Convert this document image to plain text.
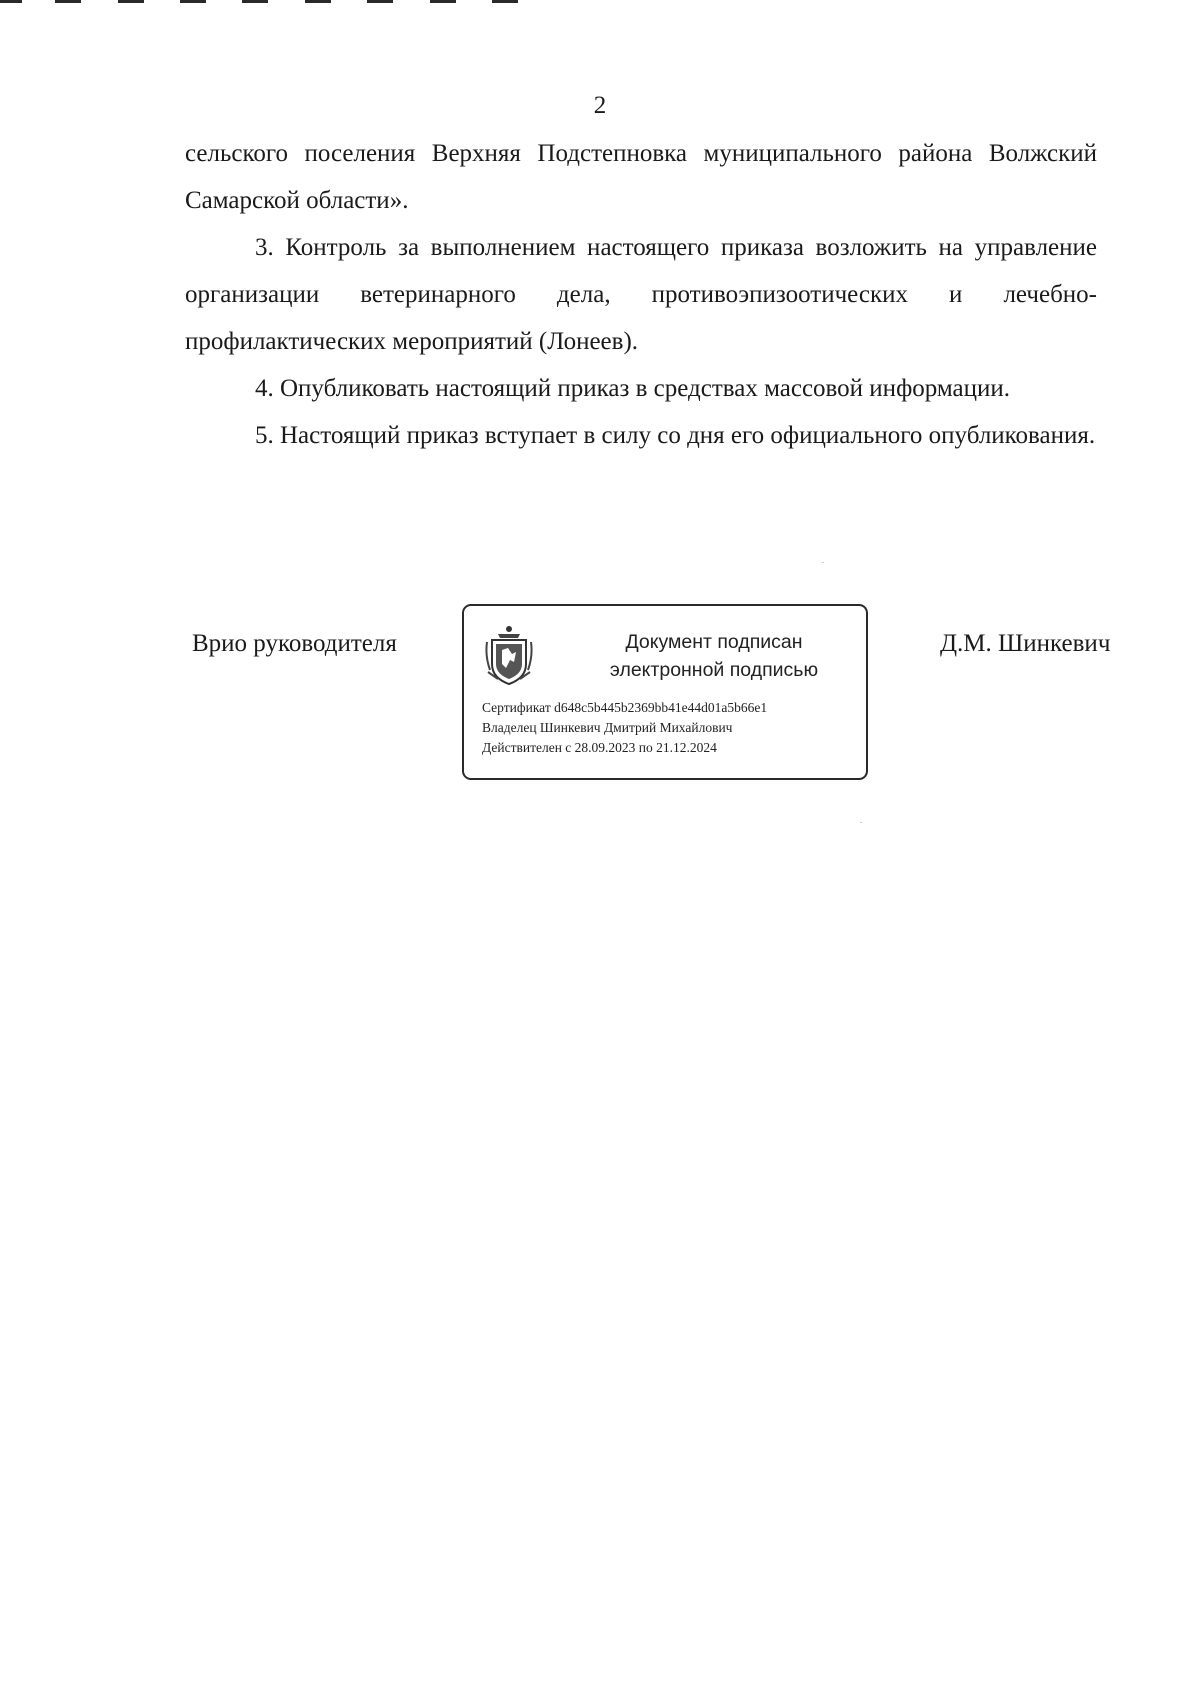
2

сельского поселения Верхняя Подстепновка муниципального района Волжский Самарской области».

3. Контроль за выполнением настоящего приказа возложить на управление организации ветеринарного дела, противоэпизоотических и лечебно-профилактических мероприятий (Лонеев).

4. Опубликовать настоящий приказ в средствах массовой информации.

5. Настоящий приказ вступает в силу со дня его официального опубликования.

Врио руководителя	Документ подписан
электронной подписью
Сертификат d648c5b445b2369bb41e44d01a5b66e1
Владелец Шинкевич Дмитрий Михайлович
Действителен с 28.09.2023 по 21.12.2024
Д.М. Шинкевич
